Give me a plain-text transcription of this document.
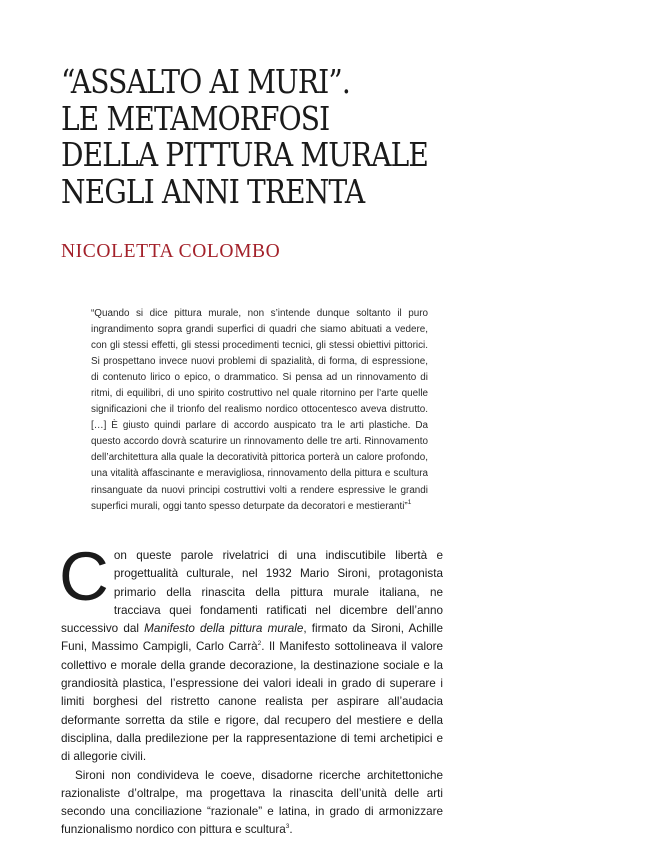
“ASSALTO AI MURI”.
LE METAMORFOSI
DELLA PITTURA MURALE
NEGLI ANNI TRENTA
NICOLETTA COLOMBO

“Quando si dice pittura murale, non s’intende dunque soltanto il puro ingrandimento sopra grandi superfici di quadri che siamo abituati a vedere, con gli stessi effetti, gli stessi procedimenti tecnici, gli stessi obiettivi pittorici. Si prospettano invece nuovi problemi di spazialità, di forma, di espressione, di contenuto lirico o epico, o drammatico. Si pensa ad un rinnovamento di ritmi, di equilibri, di uno spirito costruttivo nel quale ritornino per l’arte quelle significazioni che il trionfo del realismo nordico ottocentesco aveva distrutto. […] È giusto quindi parlare di accordo auspicato tra le arti plastiche. Da questo accordo dovrà scaturire un rinnovamento delle tre arti. Rinnovamento dell’architettura alla quale la decoratività pittorica porterà un calore profondo, una vitalità affascinante e meravigliosa, rinnovamento della pittura e scultura rinsanguate da nuovi principi costruttivi volti a rendere espressive le grandi superfici murali, oggi tanto spesso deturpate da decoratori e mestieranti”$^1$

Con queste parole rivelatrici di una indiscutibile libertà e progettualità culturale, nel 1932 Mario Sironi, protagonista primario della rinascita della pittura murale italiana, ne tracciava quei fondamenti ratificati nel dicembre dell’anno successivo dal Manifesto della pittura murale, firmato da Sironi, Achille Funi, Massimo Campigli, Carlo Carrà$^2$. Il Manifesto sottolineava il valore collettivo e morale della grande decorazione, la destinazione sociale e la grandiosità plastica, l’espressione dei valori ideali in grado di superare i limiti borghesi del ristretto canone realista per aspirare all’audacia deformante sorretta da stile e rigore, dal recupero del mestiere e della disciplina, dalla predilezione per la rappresentazione di temi archetipici e di allegorie civili.

Sironi non condivideva le coeve, disadorne ricerche architettoniche razionaliste d’oltralpe, ma progettava la rinascita dell’unità delle arti secondo una conciliazione “razionale” e latina, in grado di armonizzare funzionalismo nordico con pittura e scultura$^3$.
